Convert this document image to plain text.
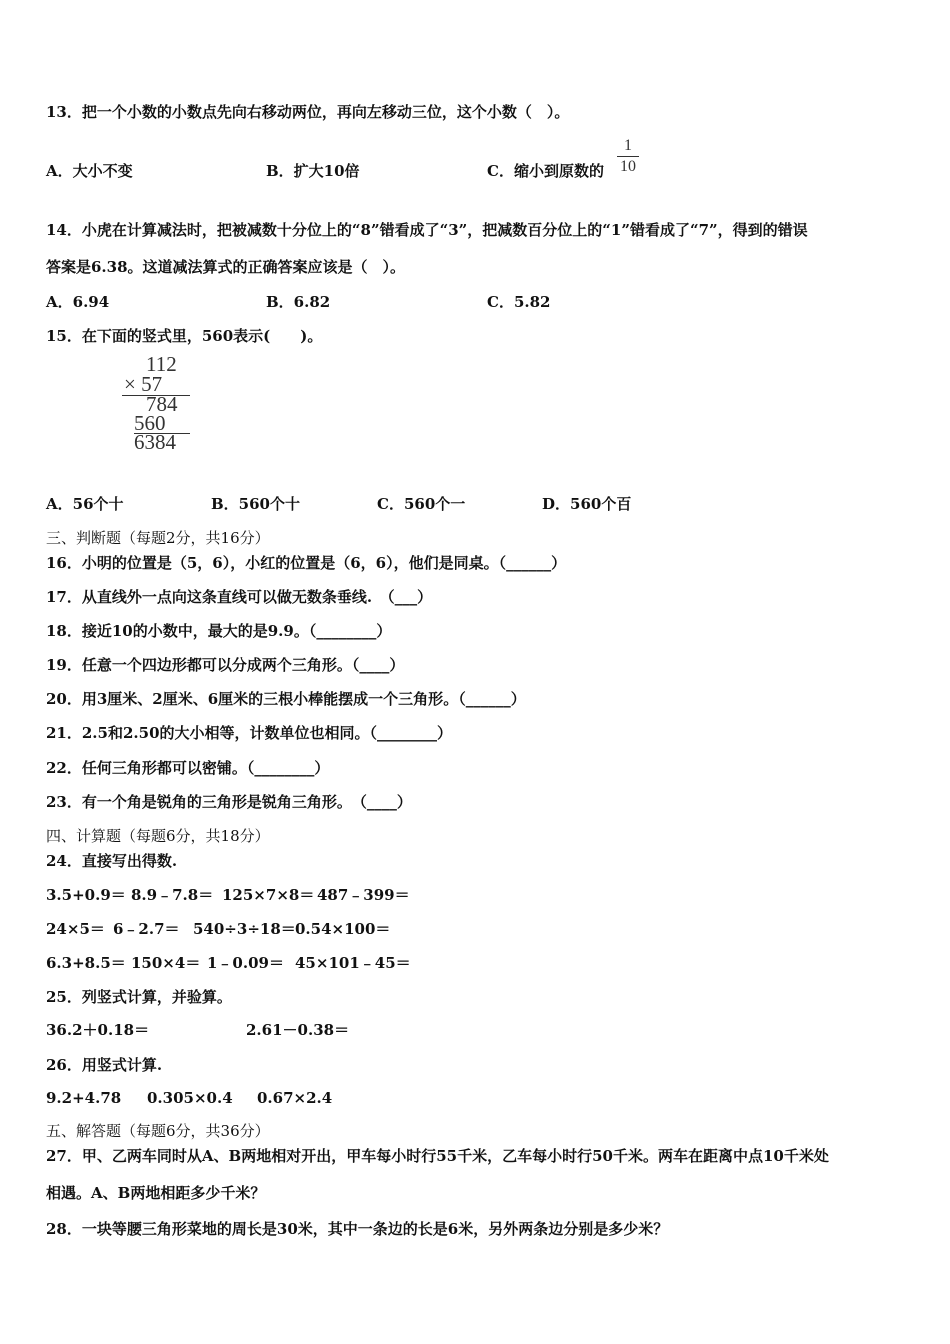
13．把一个小数的小数点先向右移动两位，再向左移动三位，这个小数（　）。
A．大小不变	B．扩大10倍	C．缩小到原数的
1
10
14．小虎在计算减法时，把被减数十分位上的“8”错看成了“3”，把减数百分位上的“1”错看成了“7”，得到的错误
答案是6.38。这道减法算式的正确答案应该是（　）。
A．6.94	B．6.82	C．5.82
15．在下面的竖式里，560表示(　　)。
112
× 57
784
560
6384
A．56个十	B．560个十	C．560个一	D．560个百
三、判断题（每题2分，共16分）
16．小明的位置是（5，6），小红的位置是（6，6），他们是同桌。（______）
17．从直线外一点向这条直线可以做无数条垂线.　（___）
18．接近10的小数中，最大的是9.9。（________）
19．任意一个四边形都可以分成两个三角形。（____）
20．用3厘米、2厘米、6厘米的三根小棒能摆成一个三角形。（______）
21．2.5和2.50的大小相等，计数单位也相同。（________）
22．任何三角形都可以密铺。（________）
23．有一个角是锐角的三角形是锐角三角形。　（____）
四、计算题（每题6分，共18分）
24．直接写出得数.
3.5+0.9＝ 8.9﹣7.8＝ 125×7×8＝ 487﹣399＝
24×5＝ 6﹣2.7＝ 540÷3÷18＝ 0.54×100＝
6.3+8.5＝ 150×4＝ 1﹣0.09＝ 45×101﹣45＝
25．列竖式计算，并验算。
36.2＋0.18＝	2.61－0.38＝
26．用竖式计算.
9.2+4.78 0.305×0.4 0.67×2.4
五、解答题（每题6分，共36分）
27．甲、乙两车同时从A、B两地相对开出，甲车每小时行55千米，乙车每小时行50千米。两车在距离中点10千米处
相遇。A、B两地相距多少千米？
28．一块等腰三角形菜地的周长是30米，其中一条边的长是6米，另外两条边分别是多少米？
